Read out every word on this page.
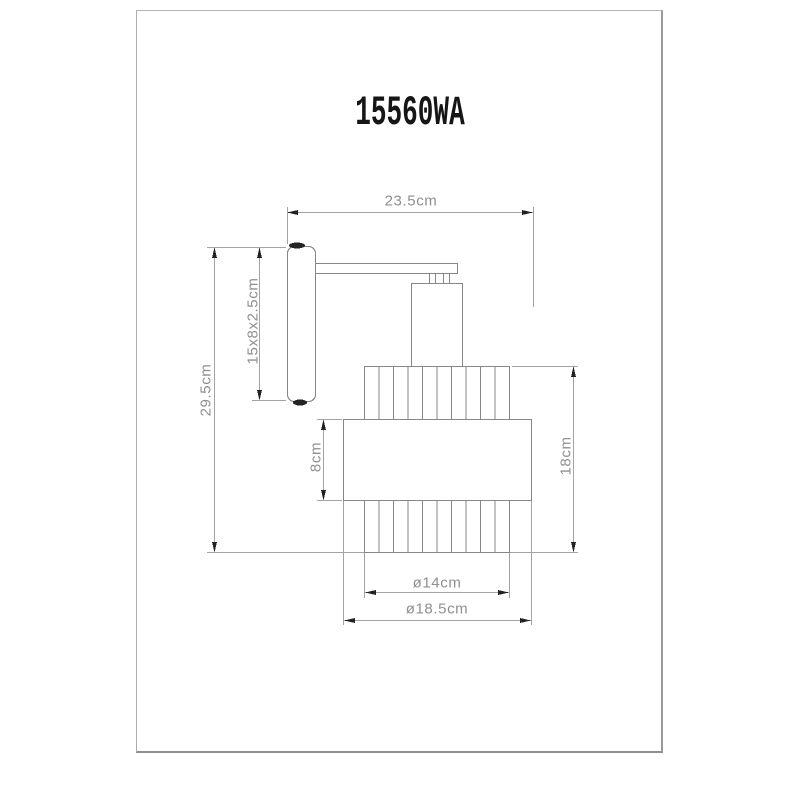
15560WA
23.5cm
15x8x2.5cm
29.5cm
8cm	18cm
ø14cm
ø18.5cm
